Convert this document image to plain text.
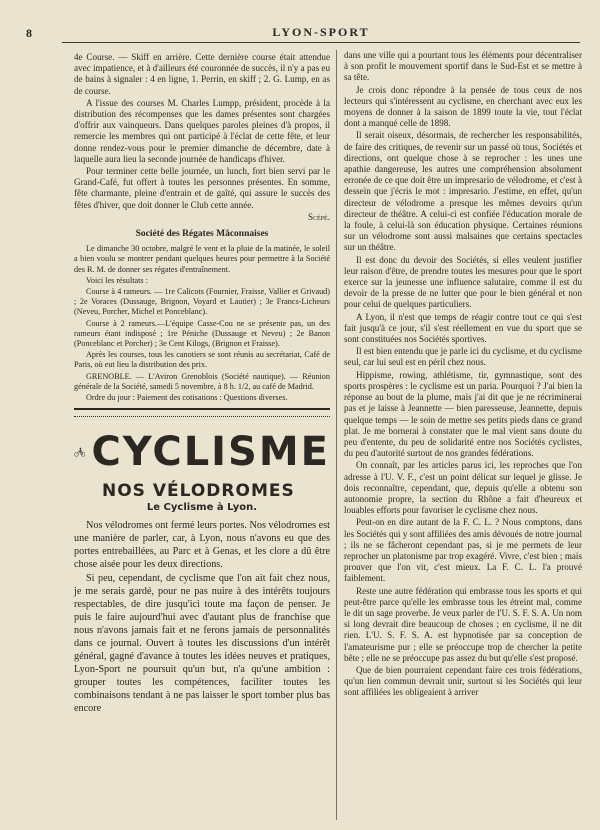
8	LYON-SPORT

4e Course. — Skiff en arrière. Cette dernière course était attendue avec impatience, et à d'ailleurs été couronnée de succès, il n'y a pas eu de bains à signaler : 4 en ligne, 1. Perrin, en skiff ; 2. G. Lump, en as de course.

A l'issue des courses M. Charles Lumpp, président, procède à la distribution des récompenses que les dames présentes sont chargées d'offrir aux vainqueurs. Dans quelques paroles pleines d'à propos, il remercie les membres qui ont participé à l'éclat de cette fête, et leur donne rendez-vous pour le premier dimanche de décembre, date à laquelle aura lieu la seconde journée de handicaps d'hiver.

Pour terminer cette belle journée, un lunch, fort bien servi par le Grand-Café, fut offert à toutes les personnes présentes. En somme, fête charmante, pleine d'entrain et de gaîté, qui assure le succès des fêtes d'hiver, que doit donner le Club cette année.

Scépé.
Société des Régates Mâconnaises

Le dimanche 30 octobre, malgré le vent et la pluie de la matinée, le soleil a bien voulu se montrer pendant quelques heures pour permettre à la Société des R. M. de donner ses régates d'entraînement.

Voici les résultats :

Course à 4 rameurs. — 1re Calicots (Fournier, Fraisse, Vallier et Grivaud) ; 2e Voraces (Dussauge, Brignon, Voyard et Lautier) ; 3e Francs-Licheurs (Neveu, Porcher, Michel et Ponceblanc).

Course à 2 rameurs.—L'équipe Casse-Cou ne se présente pas, un des rameurs étant indisposé ; 1re Péniche (Dussauge et Neveu) ; 2e Banon (Ponceblanc et Porcher) ; 3e Cent Kilogs, (Brignon et Fraisse).

Après les courses, tous les canotiers se sont réunis au secrétariat, Café de Paris, où eut lieu la distribution des prix.

GRENOBLE. — L'Aviron Grenoblois (Société nautique). — Réunion générale de la Société, samedi 5 novembre, à 8 h. 1/2, au café de Madrid.

Ordre du jour : Paiement des cotisations : Questions diverses.

CYCLISME
NOS VÉLODROMES
Le Cyclisme à Lyon.

Nos vélodromes ont fermé leurs portes. Nos vélodromes est une manière de parler, car, à Lyon, nous n'avons eu que des portes entrebaillées, au Parc et à Genas, et les clore a dû être chose aisée pour les deux directions.

Si peu, cependant, de cyclisme que l'on ait fait chez nous, je me serais gardé, pour ne pas nuire à des intérêts toujours respectables, de dire jusqu'ici toute ma façon de penser. Je puis le faire aujourd'hui avec d'autant plus de franchise que nous n'avons jamais fait et ne ferons jamais de personnalités dans ce journal. Ouvert à toutes les discussions d'un intérêt général, gagné d'avance à toutes les idées neuves et pratiques, Lyon-Sport ne poursuit qu'un but, n'a qu'une ambition : grouper toutes les compétences, faciliter toutes les combinaisons tendant à ne pas laisser le sport tomber plus bas encore

dans une ville qui a pourtant tous les éléments pour décentraliser à son profit le mouvement sportif dans le Sud-Est et se mettre à sa tête.

Je crois donc répondre à la pensée de tous ceux de nos lecteurs qui s'intéressent au cyclisme, en cherchant avec eux les moyens de donner à la saison de 1899 toute la vie, tout l'éclat dont a manqué celle de 1898.

Il serait oiseux, désormais, de rechercher les responsabilités, de faire des critiques, de revenir sur un passé où tous, Sociétés et directions, ont quelque chose à se reprocher : les unes une apathie dangereuse, les autres une compréhension absolument erronée de ce que doit être un impresario de vélodrome, et c'est à dessein que j'écris le mot : impresario. J'estime, en effet, qu'un directeur de vélodrome a presque les mêmes devoirs qu'un directeur de théâtre. A celui-ci est confiée l'éducation morale de la foule, à celui-là son éducation physique. Certaines réunions sur un vélodrome sont aussi malsaines que certains spectacles sur un théâtre.

Il est donc du devoir des Sociétés, si elles veulent justifier leur raison d'être, de prendre toutes les mesures pour que le sport exerce sur la jeunesse une influence salutaire, comme il est du devoir de la presse de ne lutter que pour le bien général et non pour celui de quelques particuliers.

A Lyon, il n'est que temps de réagir contre tout ce qui s'est fait jusqu'à ce jour, s'il s'est réellement en vue du sport que se sont constituées nos Sociétés sportives.

Il est bien entendu que je parle ici du cyclisme, et du cyclisme seul, car lui seul est en péril chez nous.

Hippisme, rowing, athlétisme, tir, gymnastique, sont des sports prospères : le cyclisme est un paria. Pourquoi ? J'ai bien la réponse au bout de la plume, mais j'ai dit que je ne récriminerai pas et je laisse à Jeannette — bien paresseuse, Jeannette, depuis quelque temps — le soin de mettre ses petits pieds dans ce grand plat. Je me bornerai à constater que le mal vient sans doute du peu d'entente, du peu de solidarité entre nos Sociétés cyclistes, du peu d'autorité surtout de nos grandes fédérations.

On connaît, par les articles parus ici, les reproches que l'on adresse à l'U. V. F., c'est un point délicat sur lequel je glisse. Je dois reconnaître, cependant, que, depuis qu'elle a obtenu son autonomie propre, la section du Rhône a fait d'heureux et louables efforts pour favoriser le cyclisme chez nous.

Peut-on en dire autant de la F. C. L. ? Nous comptons, dans les Sociétés qui y sont affiliées des amis dévoués de notre journal ; ils ne se fâcheront cependant pas, si je me permets de leur reprocher un platonisme par trop exagéré. Vivre, c'est bien ; mais prouver que l'on vit, c'est mieux. La F. C. L. l'a prouvé faiblement.

Reste une autre fédération qui embrasse tous les sports et qui peut-être parce qu'elle les embrasse tous les étreint mal, comme le dit un sage proverbe. Je veux parler de l'U. S. F. S. A. Un nom si long devrait dire beaucoup de choses ; en cyclisme, il ne dit rien. L'U. S. F. S. A. est hypnotisée par sa conception de l'amateurisme pur ; elle se préoccupe trop de chercher la petite bête ; elle ne se préoccupe pas assez du but qu'elle s'est proposé.

Que de bien pourraient cependant faire ces trois fédérations, qu'un lien commun devrait unir, surtout si les Sociétés qui leur sont affiliées les obligeaient à arriver
